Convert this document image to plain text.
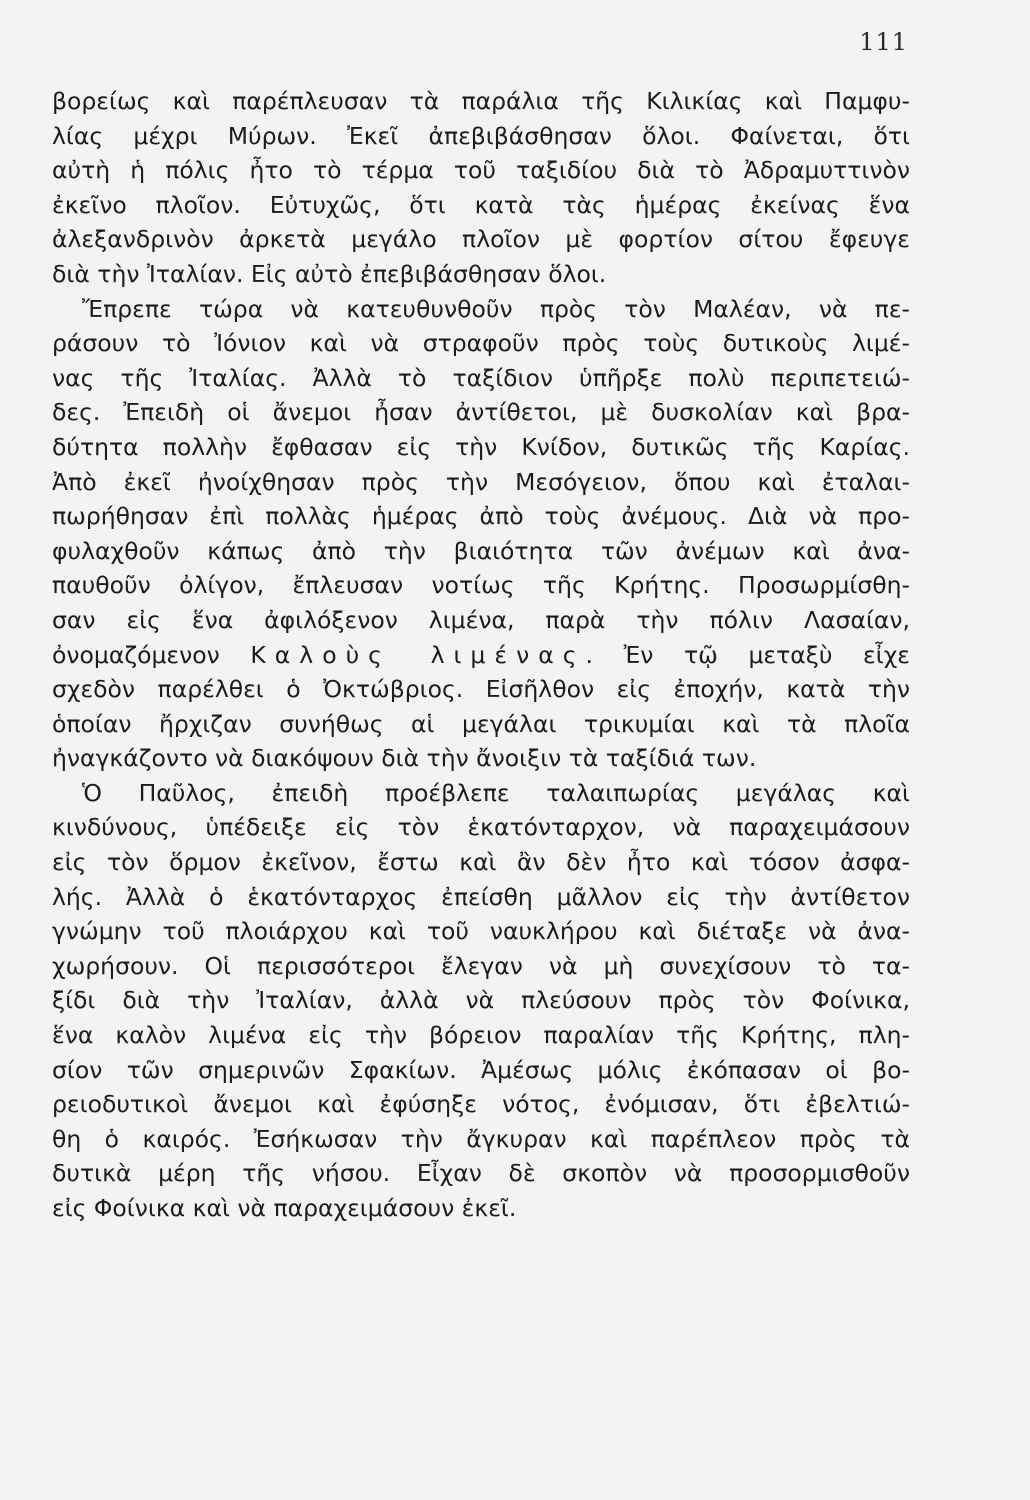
111
βορείως καὶ παρέπλευσαν τὰ παράλια τῆς Κιλικίας καὶ Παμφυ-
λίας μέχρι Μύρων. Ἐκεῖ ἀπεβιβάσθησαν ὅλοι. Φαίνεται, ὅτι
αὐτὴ ἡ πόλις ἦτο τὸ τέρμα τοῦ ταξιδίου διὰ τὸ Ἀδραμυττινὸν
ἐκεῖνο πλοῖον. Εὐτυχῶς, ὅτι κατὰ τὰς ἡμέρας ἐκείνας ἕνα
ἀλεξανδρινὸν ἀρκετὰ μεγάλο πλοῖον μὲ φορτίον σίτου ἔφευγε
διὰ τὴν Ἰταλίαν. Εἰς αὐτὸ ἐπεβιβάσθησαν ὅλοι.
Ἔπρεπε τώρα νὰ κατευθυνθοῦν πρὸς τὸν Μαλέαν, νὰ πε-
ράσουν τὸ Ἰόνιον καὶ νὰ στραφοῦν πρὸς τοὺς δυτικοὺς λιμέ-
νας τῆς Ἰταλίας. Ἀλλὰ τὸ ταξίδιον ὑπῆρξε πολὺ περιπετειώ-
δες. Ἐπειδὴ οἱ ἄνεμοι ἦσαν ἀντίθετοι, μὲ δυσκολίαν καὶ βρα-
δύτητα πολλὴν ἔφθασαν εἰς τὴν Κνίδον, δυτικῶς τῆς Καρίας.
Ἀπὸ ἐκεῖ ἠνοίχθησαν πρὸς τὴν Μεσόγειον, ὅπου καὶ ἐταλαι-
πωρήθησαν ἐπὶ πολλὰς ἡμέρας ἀπὸ τοὺς ἀνέμους. Διὰ νὰ προ-
φυλαχθοῦν κάπως ἀπὸ τὴν βιαιότητα τῶν ἀνέμων καὶ ἀνα-
παυθοῦν ὀλίγον, ἔπλευσαν νοτίως τῆς Κρήτης. Προσωρμίσθη-
σαν εἰς ἕνα ἀφιλόξενον λιμένα, παρὰ τὴν πόλιν Λασαίαν,
ὀνομαζόμενον Καλοὺς λιμένας. Ἐν τῷ μεταξὺ εἶχε
σχεδὸν παρέλθει ὁ Ὀκτώβριος. Εἰσῆλθον εἰς ἐποχήν, κατὰ τὴν
ὁποίαν ἤρχιζαν συνήθως αἱ μεγάλαι τρικυμίαι καὶ τὰ πλοῖα
ἠναγκάζοντο νὰ διακόψουν διὰ τὴν ἄνοιξιν τὰ ταξίδιά των.
Ὁ Παῦλος, ἐπειδὴ προέβλεπε ταλαιπωρίας μεγάλας καὶ
κινδύνους, ὑπέδειξε εἰς τὸν ἑκατόνταρχον, νὰ παραχειμάσουν
εἰς τὸν ὅρμον ἐκεῖνον, ἔστω καὶ ἂν δὲν ἦτο καὶ τόσον ἀσφα-
λής. Ἀλλὰ ὁ ἑκατόνταρχος ἐπείσθη μᾶλλον εἰς τὴν ἀντίθετον
γνώμην τοῦ πλοιάρχου καὶ τοῦ ναυκλήρου καὶ διέταξε νὰ ἀνα-
χωρήσουν. Οἱ περισσότεροι ἔλεγαν νὰ μὴ συνεχίσουν τὸ τα-
ξίδι διὰ τὴν Ἰταλίαν, ἀλλὰ νὰ πλεύσουν πρὸς τὸν Φοίνικα,
ἕνα καλὸν λιμένα εἰς τὴν βόρειον παραλίαν τῆς Κρήτης, πλη-
σίον τῶν σημερινῶν Σφακίων. Ἀμέσως μόλις ἐκόπασαν οἱ βο-
ρειοδυτικοὶ ἄνεμοι καὶ ἐφύσηξε νότος, ἐνόμισαν, ὅτι ἐβελτιώ-
θη ὁ καιρός. Ἐσήκωσαν τὴν ἄγκυραν καὶ παρέπλεον πρὸς τὰ
δυτικὰ μέρη τῆς νήσου. Εἶχαν δὲ σκοπὸν νὰ προσορμισθοῦν
εἰς Φοίνικα καὶ νὰ παραχειμάσουν ἐκεῖ.
